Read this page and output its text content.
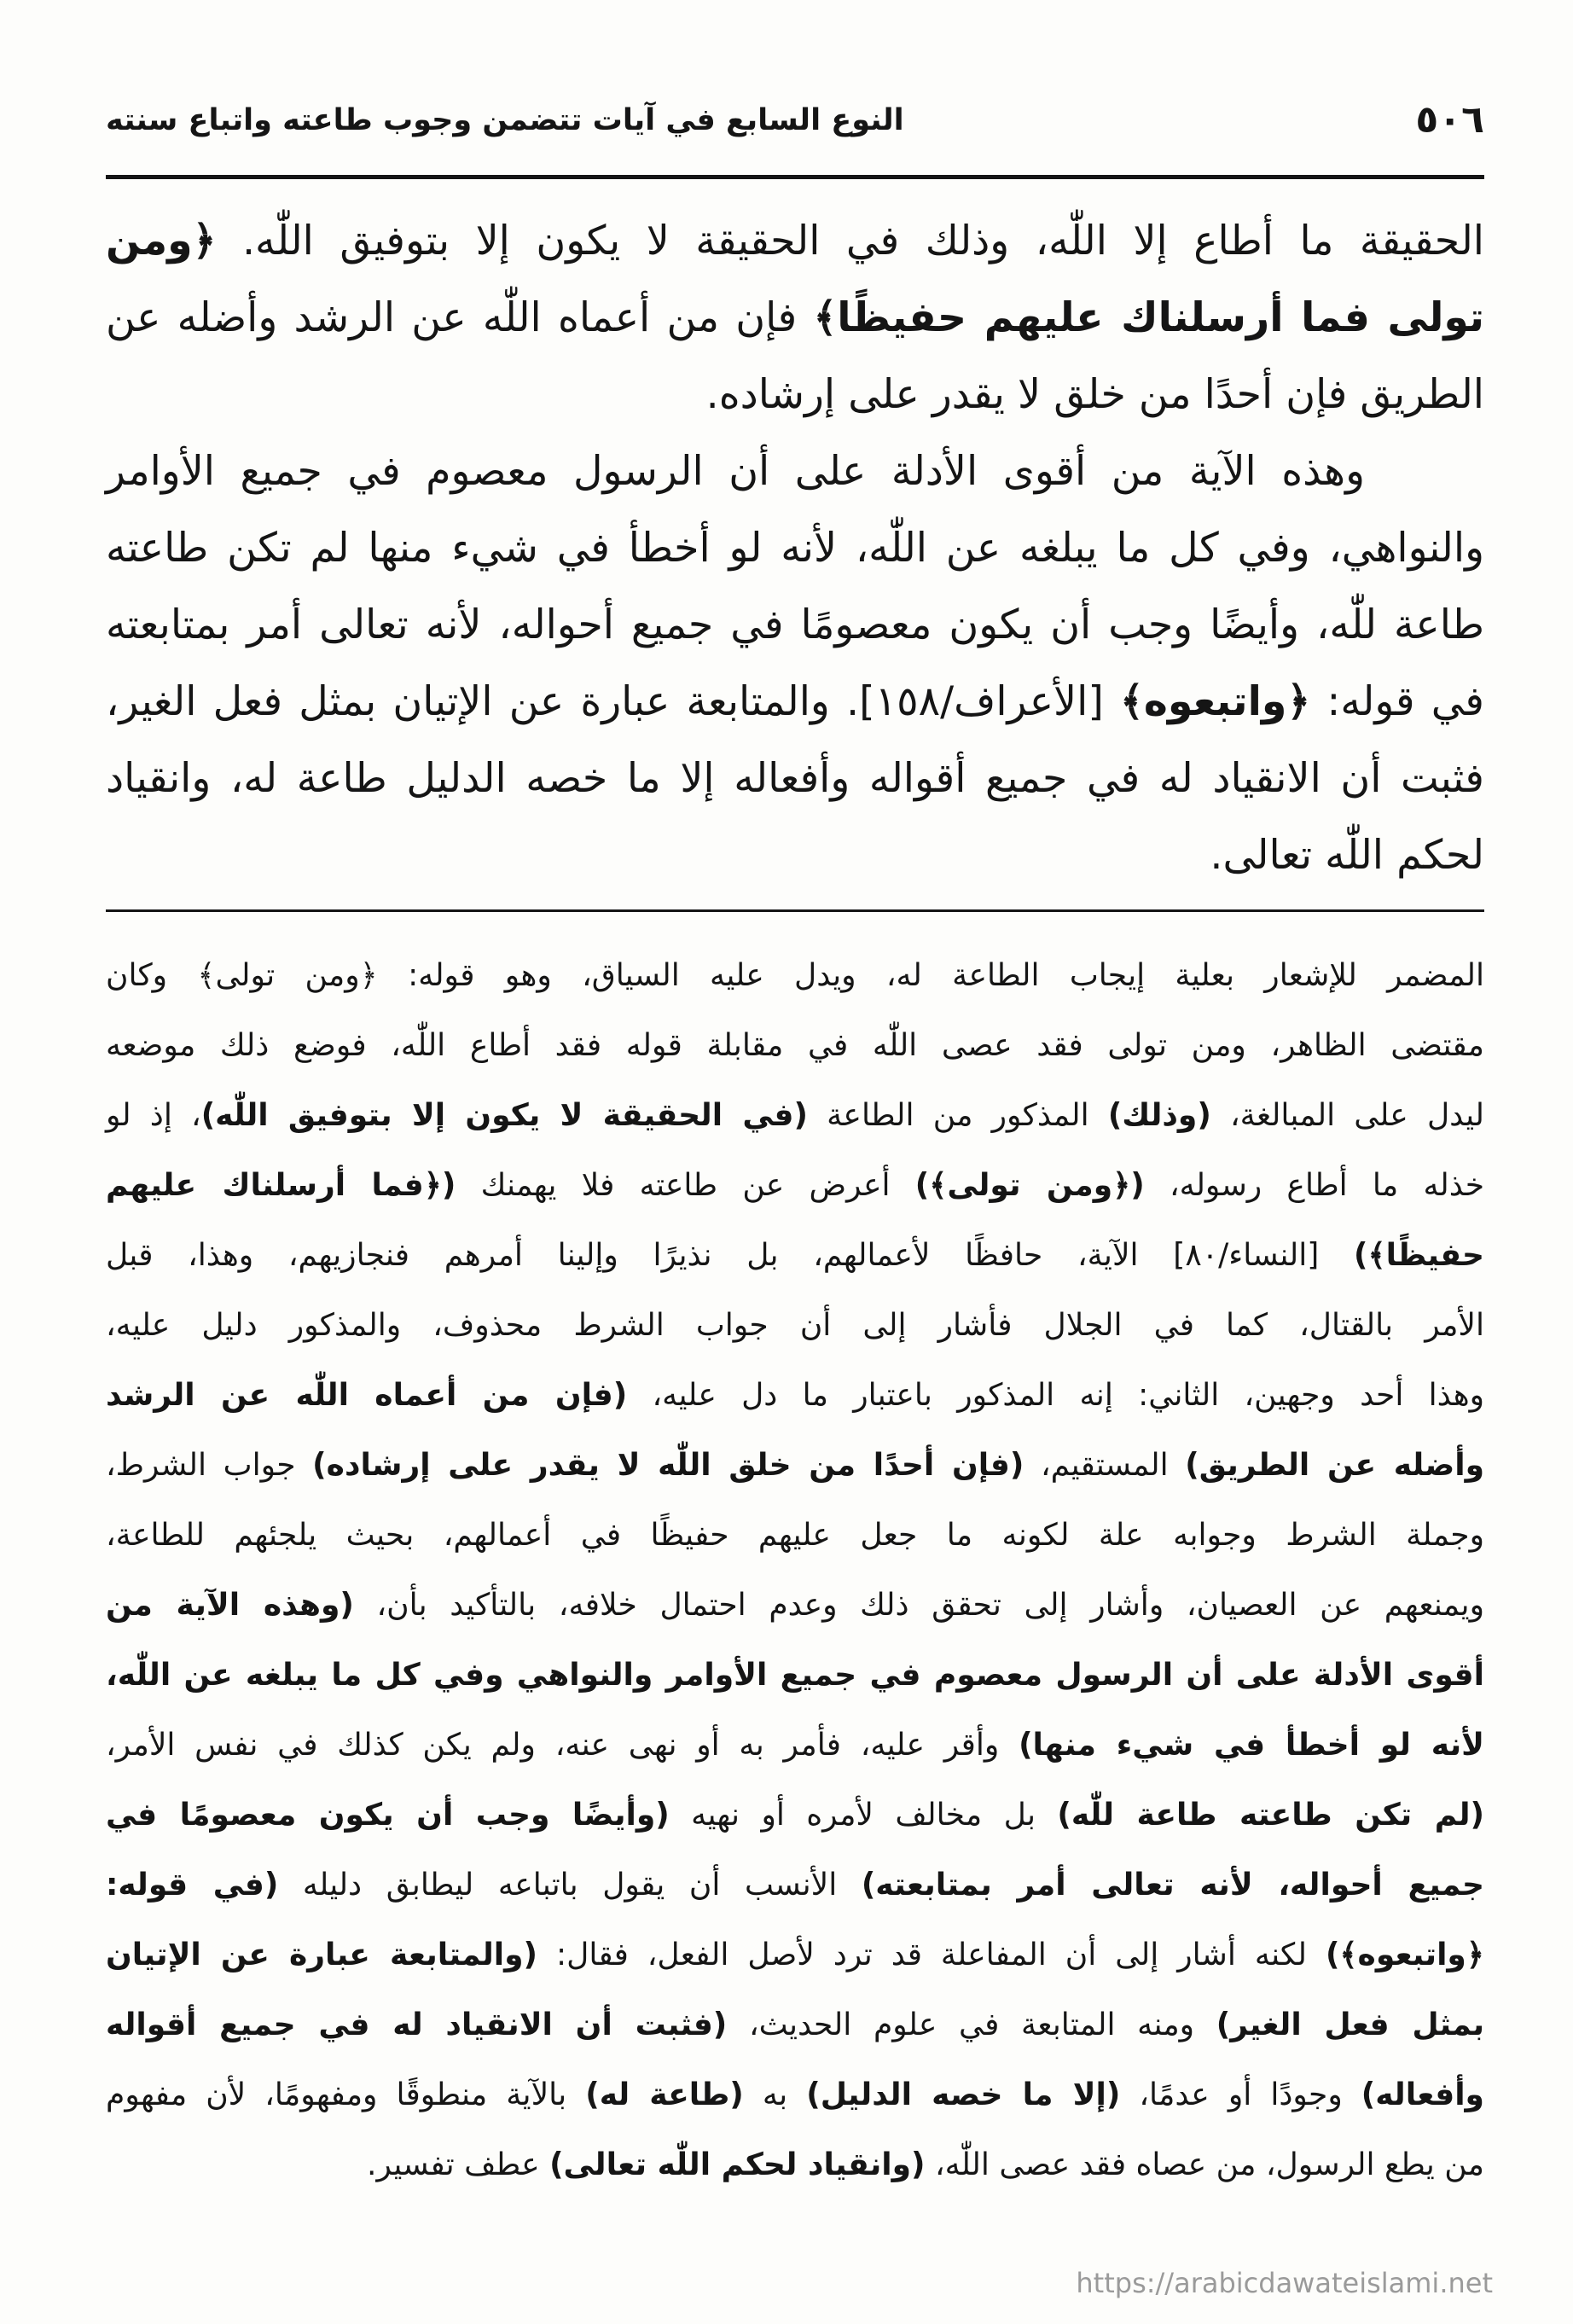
٥٠٦
النوع السابع في آيات تتضمن وجوب طاعته واتباع سنته
الحقيقة ما أطاع إلا اللّٰه، وذلك في الحقيقة لا يكون إلا بتوفيق اللّٰه. ﴿ومن
تولى فما أرسلناك عليهم حفيظًا﴾ فإن من أعماه اللّٰه عن الرشد وأضله عن
الطريق فإن أحدًا من خلق لا يقدر على إرشاده.
وهذه الآية من أقوى الأدلة على أن الرسول معصوم في جميع الأوامر
والنواهي، وفي كل ما يبلغه عن اللّٰه، لأنه لو أخطأ في شيء منها لم تكن طاعته
طاعة للّٰه، وأيضًا وجب أن يكون معصومًا في جميع أحواله، لأنه تعالى أمر بمتابعته
في قوله: ﴿واتبعوه﴾ [الأعراف/١٥٨]. والمتابعة عبارة عن الإتيان بمثل فعل الغير،
فثبت أن الانقياد له في جميع أقواله وأفعاله إلا ما خصه الدليل طاعة له، وانقياد
لحكم اللّٰه تعالى.
المضمر للإشعار بعلية إيجاب الطاعة له، ويدل عليه السياق، وهو قوله: ﴿ومن تولى﴾ وكان
مقتضى الظاهر، ومن تولى فقد عصى اللّٰه في مقابلة قوله فقد أطاع اللّٰه، فوضع ذلك موضعه
ليدل على المبالغة، (وذلك) المذكور من الطاعة (في الحقيقة لا يكون إلا بتوفيق اللّٰه)، إذ لو
خذله ما أطاع رسوله، (﴿ومن تولى﴾) أعرض عن طاعته فلا يهمنك (﴿فما أرسلناك عليهم
حفيظًا﴾) [النساء/٨٠] الآية، حافظًا لأعمالهم، بل نذيرًا وإلينا أمرهم فنجازيهم، وهذا، قبل
الأمر بالقتال، كما في الجلال فأشار إلى أن جواب الشرط محذوف، والمذكور دليل عليه،
وهذا أحد وجهين، الثاني: إنه المذكور باعتبار ما دل عليه، (فإن من أعماه اللّٰه عن الرشد
وأضله عن الطريق) المستقيم، (فإن أحدًا من خلق اللّٰه لا يقدر على إرشاده) جواب الشرط،
وجملة الشرط وجوابه علة لكونه ما جعل عليهم حفيظًا في أعمالهم، بحيث يلجئهم للطاعة،
ويمنعهم عن العصيان، وأشار إلى تحقق ذلك وعدم احتمال خلافه، بالتأكيد بأن، (وهذه الآية من
أقوى الأدلة على أن الرسول معصوم في جميع الأوامر والنواهي وفي كل ما يبلغه عن اللّٰه،
لأنه لو أخطأ في شيء منها) وأقر عليه، فأمر به أو نهى عنه، ولم يكن كذلك في نفس الأمر،
(لم تكن طاعته طاعة للّٰه) بل مخالف لأمره أو نهيه (وأيضًا وجب أن يكون معصومًا في
جميع أحواله، لأنه تعالى أمر بمتابعته) الأنسب أن يقول باتباعه ليطابق دليله (في قوله:
﴿واتبعوه﴾) لكنه أشار إلى أن المفاعلة قد ترد لأصل الفعل، فقال: (والمتابعة عبارة عن الإتيان
بمثل فعل الغير) ومنه المتابعة في علوم الحديث، (فثبت أن الانقياد له في جميع أقواله
وأفعاله) وجودًا أو عدمًا، (إلا ما خصه الدليل) به (طاعة له) بالآية منطوقًا ومفهومًا، لأن مفهوم
من يطع الرسول، من عصاه فقد عصى اللّٰه، (وانقياد لحكم اللّٰه تعالى) عطف تفسير.
https://arabicdawateislami.net
